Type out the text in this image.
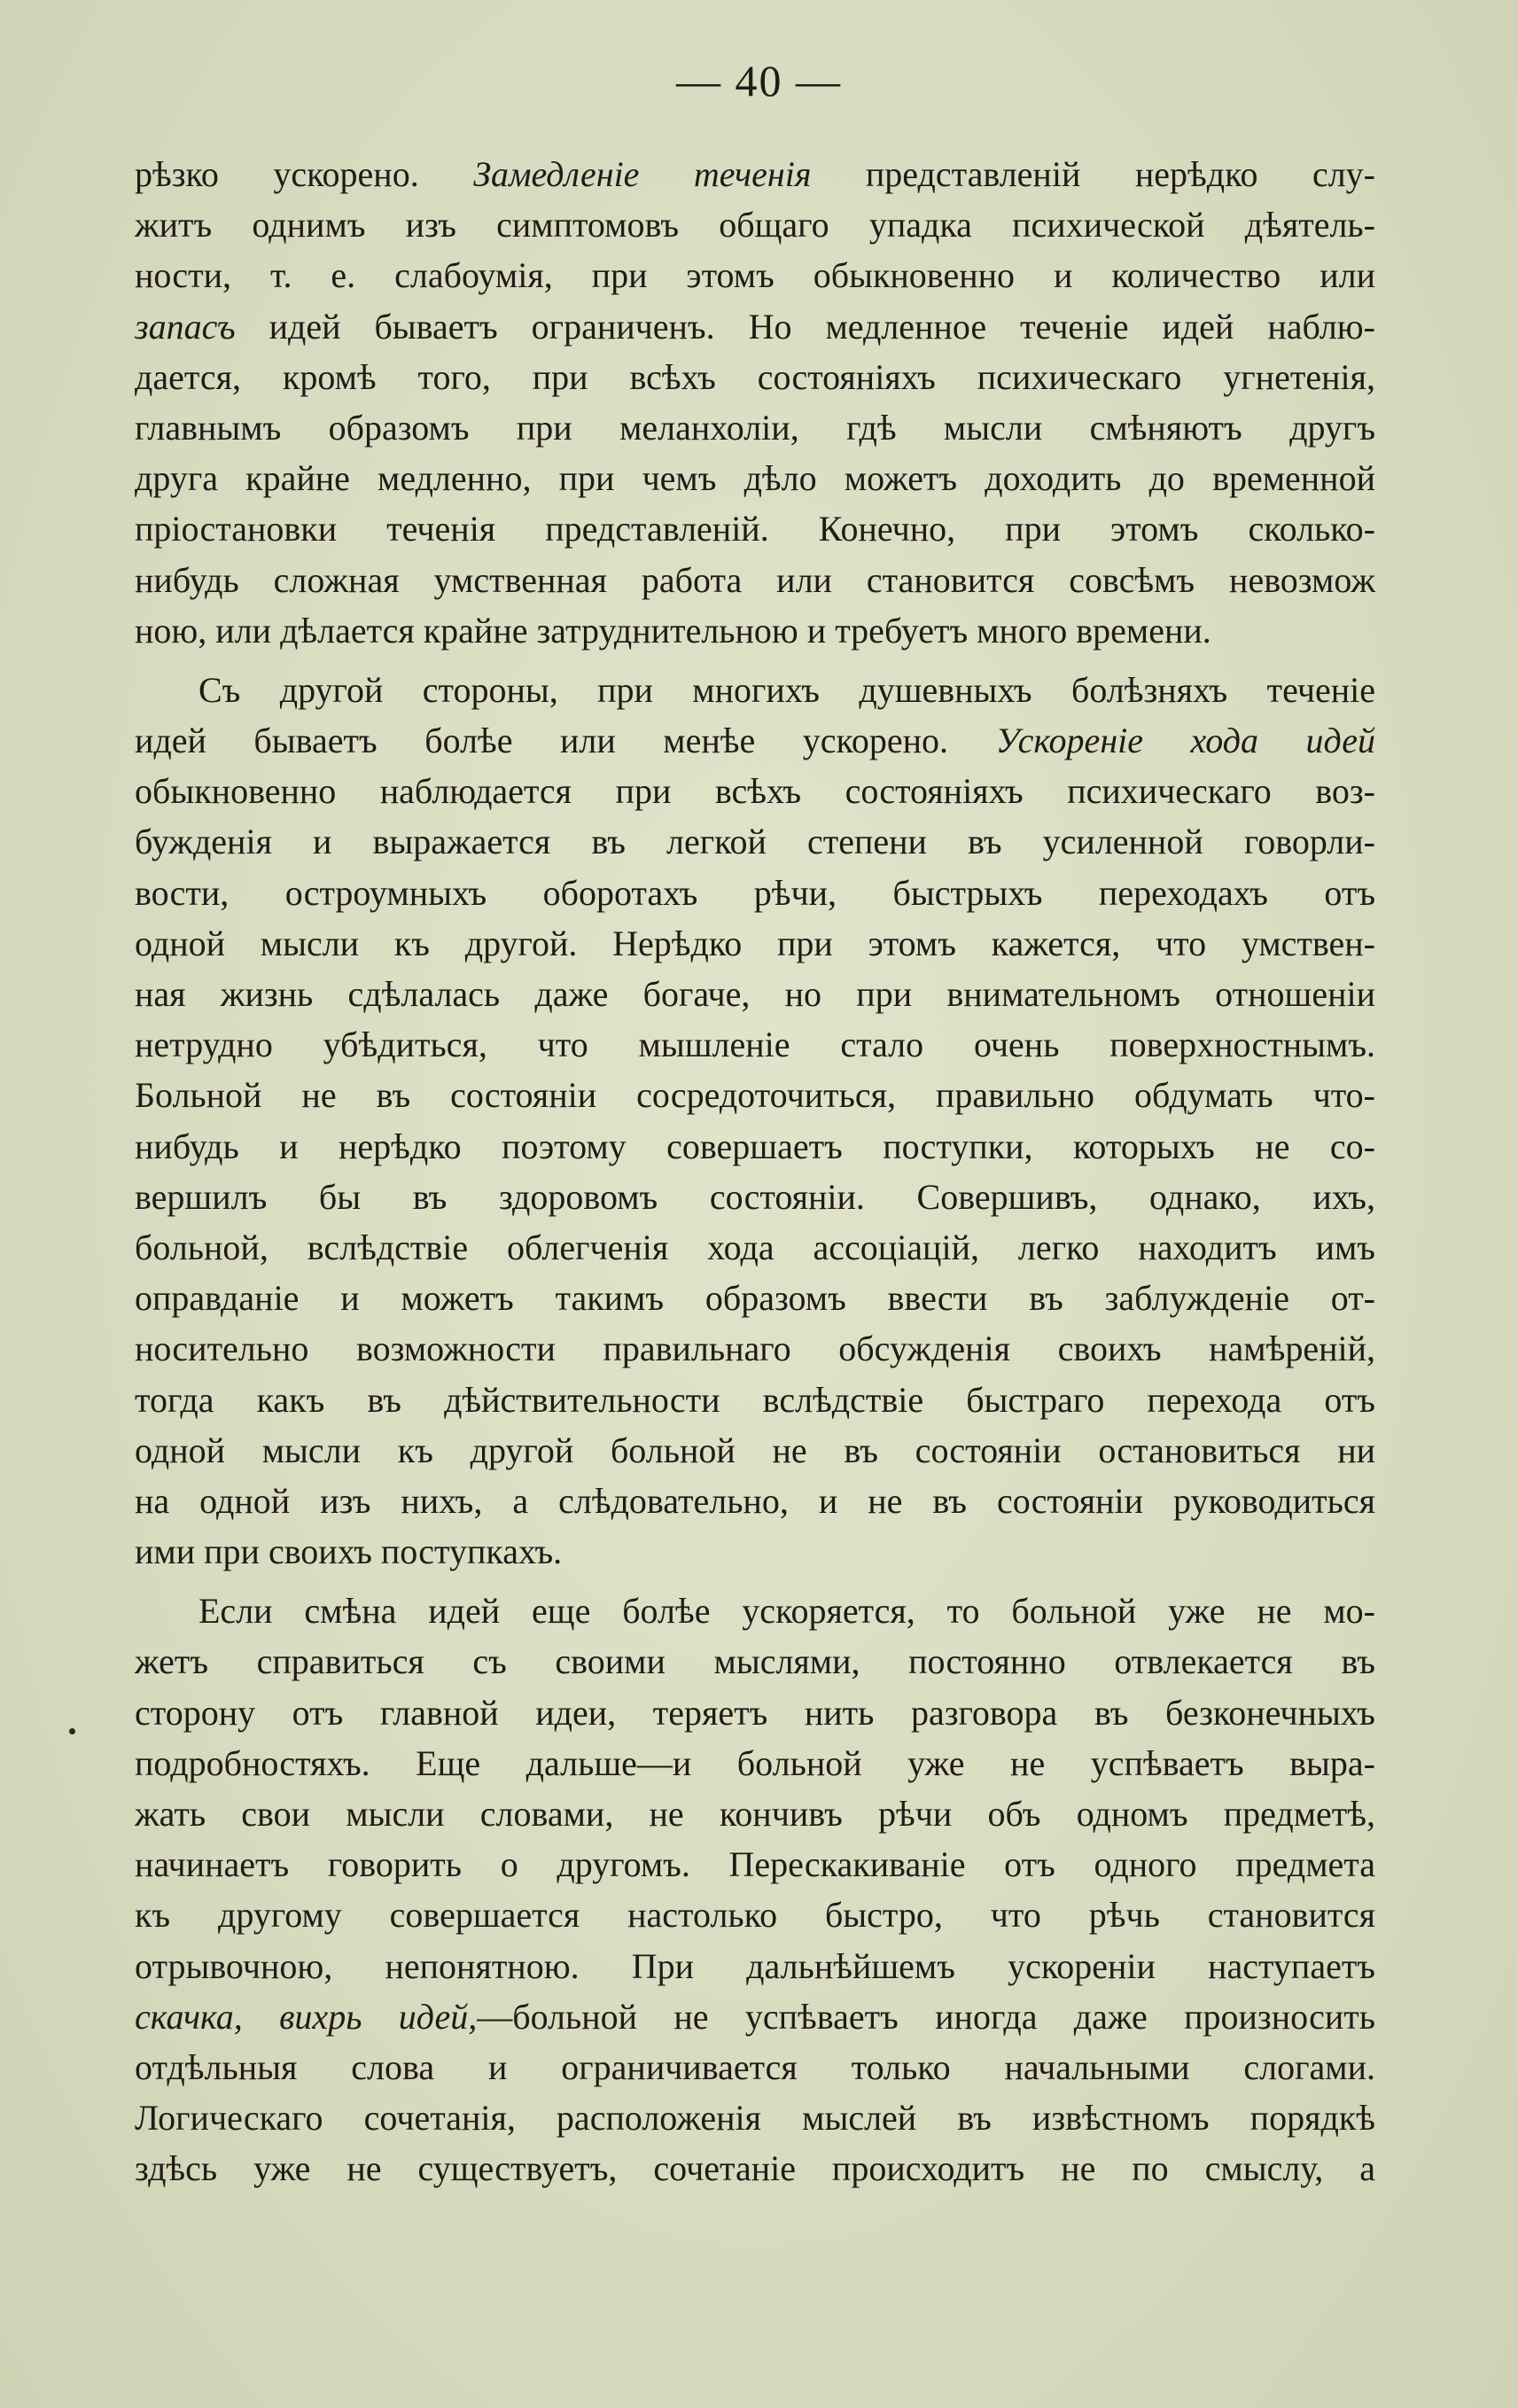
— 40 —
рѣзко ускорено. Замедленіе теченія представленій нерѣдко слу-
житъ однимъ изъ симптомовъ общаго упадка психической дѣятель-
ности, т. е. слабоумія, при этомъ обыкновенно и количество или
запасъ идей бываетъ ограниченъ. Но медленное теченіе идей наблю-
дается, кромѣ того, при всѣхъ состояніяхъ психическаго угнетенія,
главнымъ образомъ при меланхоліи, гдѣ мысли смѣняютъ другъ
друга крайне медленно, при чемъ дѣло можетъ доходить до временной
пріостановки теченія представленій. Конечно, при этомъ сколько-
нибудь сложная умственная работа или становится совсѣмъ невозмож
ною, или дѣлается крайне затруднительною и требуетъ много времени.
Съ другой стороны, при многихъ душевныхъ болѣзняхъ теченіе
идей бываетъ болѣе или менѣе ускорено. Ускореніе хода идей
обыкновенно наблюдается при всѣхъ состояніяхъ психическаго воз-
бужденія и выражается въ легкой степени въ усиленной говорли-
вости, остроумныхъ оборотахъ рѣчи, быстрыхъ переходахъ отъ
одной мысли къ другой. Нерѣдко при этомъ кажется, что умствен-
ная жизнь сдѣлалась даже богаче, но при внимательномъ отношеніи
нетрудно убѣдиться, что мышленіе стало очень поверхностнымъ.
Больной не въ состояніи сосредоточиться, правильно обдумать что-
нибудь и нерѣдко поэтому совершаетъ поступки, которыхъ не со-
вершилъ бы въ здоровомъ состояніи. Совершивъ, однако, ихъ,
больной, вслѣдствіе облегченія хода ассоціацій, легко находитъ имъ
оправданіе и можетъ такимъ образомъ ввести въ заблужденіе от-
носительно возможности правильнаго обсужденія своихъ намѣреній,
тогда какъ въ дѣйствительности вслѣдствіе быстраго перехода отъ
одной мысли къ другой больной не въ состояніи остановиться ни
на одной изъ нихъ, а слѣдовательно, и не въ состояніи руководиться
ими при своихъ поступкахъ.
Если смѣна идей еще болѣе ускоряется, то больной уже не мо-
жетъ справиться съ своими мыслями, постоянно отвлекается въ
сторону отъ главной идеи, теряетъ нить разговора въ безконечныхъ
подробностяхъ. Еще дальше—и больной уже не успѣваетъ выра-
жать свои мысли словами, не кончивъ рѣчи объ одномъ предметѣ,
начинаетъ говорить о другомъ. Перескакиваніе отъ одного предмета
къ другому совершается настолько быстро, что рѣчь становится
отрывочною, непонятною. При дальнѣйшемъ ускореніи наступаетъ
скачка, вихрь идей,—больной не успѣваетъ иногда даже произносить
отдѣльныя слова и ограничивается только начальными слогами.
Логическаго сочетанія, расположенія мыслей въ извѣстномъ порядкѣ
здѣсь уже не существуетъ, сочетаніе происходитъ не по смыслу, а
